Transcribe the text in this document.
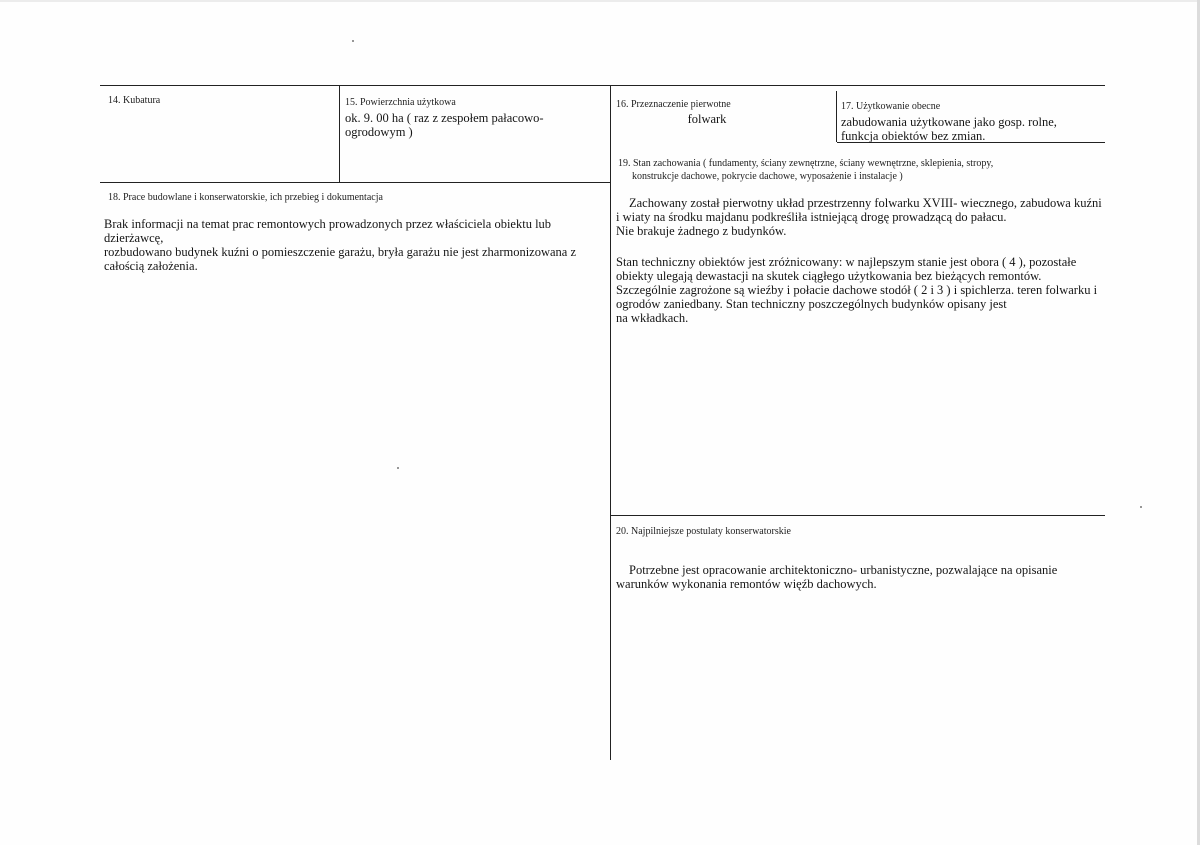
14. Kubatura	15. Powierzchnia użytkowa
ok. 9. 00 ha ( raz z zespołem pałacowo-
ogrodowym )
16. Przeznaczenie pierwotne
folwark
17. Użytkowanie obecne
zabudowania użytkowane jako gosp. rolne,
funkcja obiektów bez zmian.
18. Prace budowlane i konserwatorskie, ich przebieg i dokumentacja
Brak informacji na temat prac remontowych prowadzonych przez właściciela obiektu lub
dzierżawcę,
rozbudowano budynek kuźni o pomieszczenie garażu, bryła garażu nie jest zharmonizowana z
całością założenia.
19. Stan zachowania ( fundamenty, ściany zewnętrzne, ściany wewnętrzne, sklepienia, stropy,
konstrukcje dachowe, pokrycie dachowe, wyposażenie i instalacje )
Zachowany został pierwotny układ przestrzenny folwarku XVIII- wiecznego, zabudowa kuźni
i wiaty na środku majdanu podkreśliła istniejącą drogę prowadzącą do pałacu.
Nie brakuje żadnego z budynków.
Stan techniczny obiektów jest zróżnicowany: w najlepszym stanie jest obora ( 4 ), pozostałe
obiekty ulegają dewastacji na skutek ciągłego użytkowania bez bieżących remontów.
Szczególnie zagrożone są wieźby i połacie dachowe stodół ( 2 i 3 ) i spichlerza. teren folwarku i
ogrodów zaniedbany. Stan techniczny poszczególnych budynków opisany jest
na wkładkach.
20. Najpilniejsze postulaty konserwatorskie
Potrzebne jest opracowanie architektoniczno- urbanistyczne, pozwalające na opisanie
warunków wykonania remontów więźb dachowych.
